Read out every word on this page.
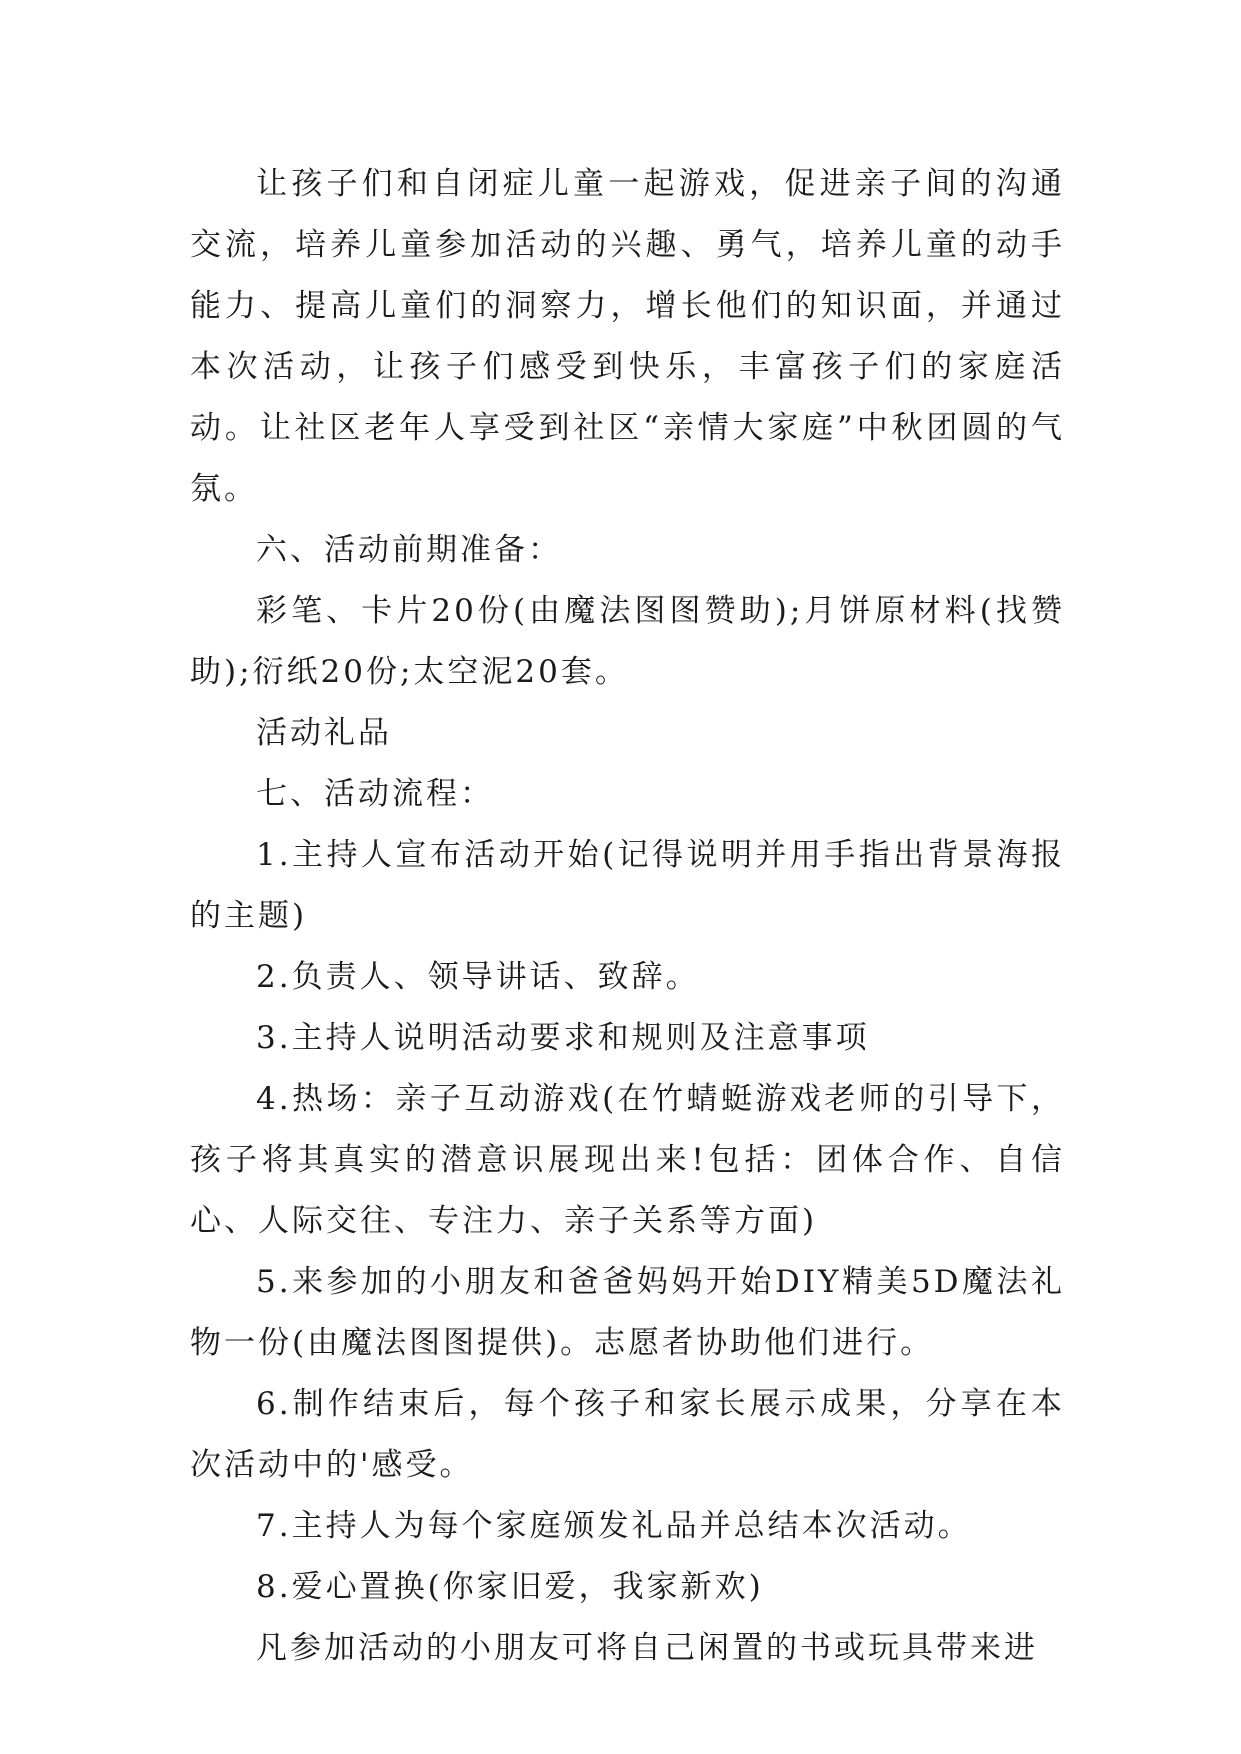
让孩子们和自闭症儿童一起游戏，促进亲子间的沟通交流，培养儿童参加活动的兴趣、勇气，培养儿童的动手能力、提高儿童们的洞察力，增长他们的知识面，并通过本次活动，让孩子们感受到快乐，丰富孩子们的家庭活动。让社区老年人享受到社区“亲情大家庭”中秋团圆的气氛。

六、活动前期准备：

彩笔、卡片20份(由魔法图图赞助);月饼原材料(找赞助);衍纸20份;太空泥20套。

活动礼品

七、活动流程：

1.主持人宣布活动开始(记得说明并用手指出背景海报的主题)

2.负责人、领导讲话、致辞。

3.主持人说明活动要求和规则及注意事项

4.热场：亲子互动游戏(在竹蜻蜓游戏老师的引导下，孩子将其真实的潜意识展现出来!包括：团体合作、自信心、人际交往、专注力、亲子关系等方面)

5.来参加的小朋友和爸爸妈妈开始DIY精美5D魔法礼物一份(由魔法图图提供)。志愿者协助他们进行。

6.制作结束后，每个孩子和家长展示成果，分享在本次活动中的'感受。

7.主持人为每个家庭颁发礼品并总结本次活动。

8.爱心置换(你家旧爱，我家新欢)

凡参加活动的小朋友可将自己闲置的书或玩具带来进
